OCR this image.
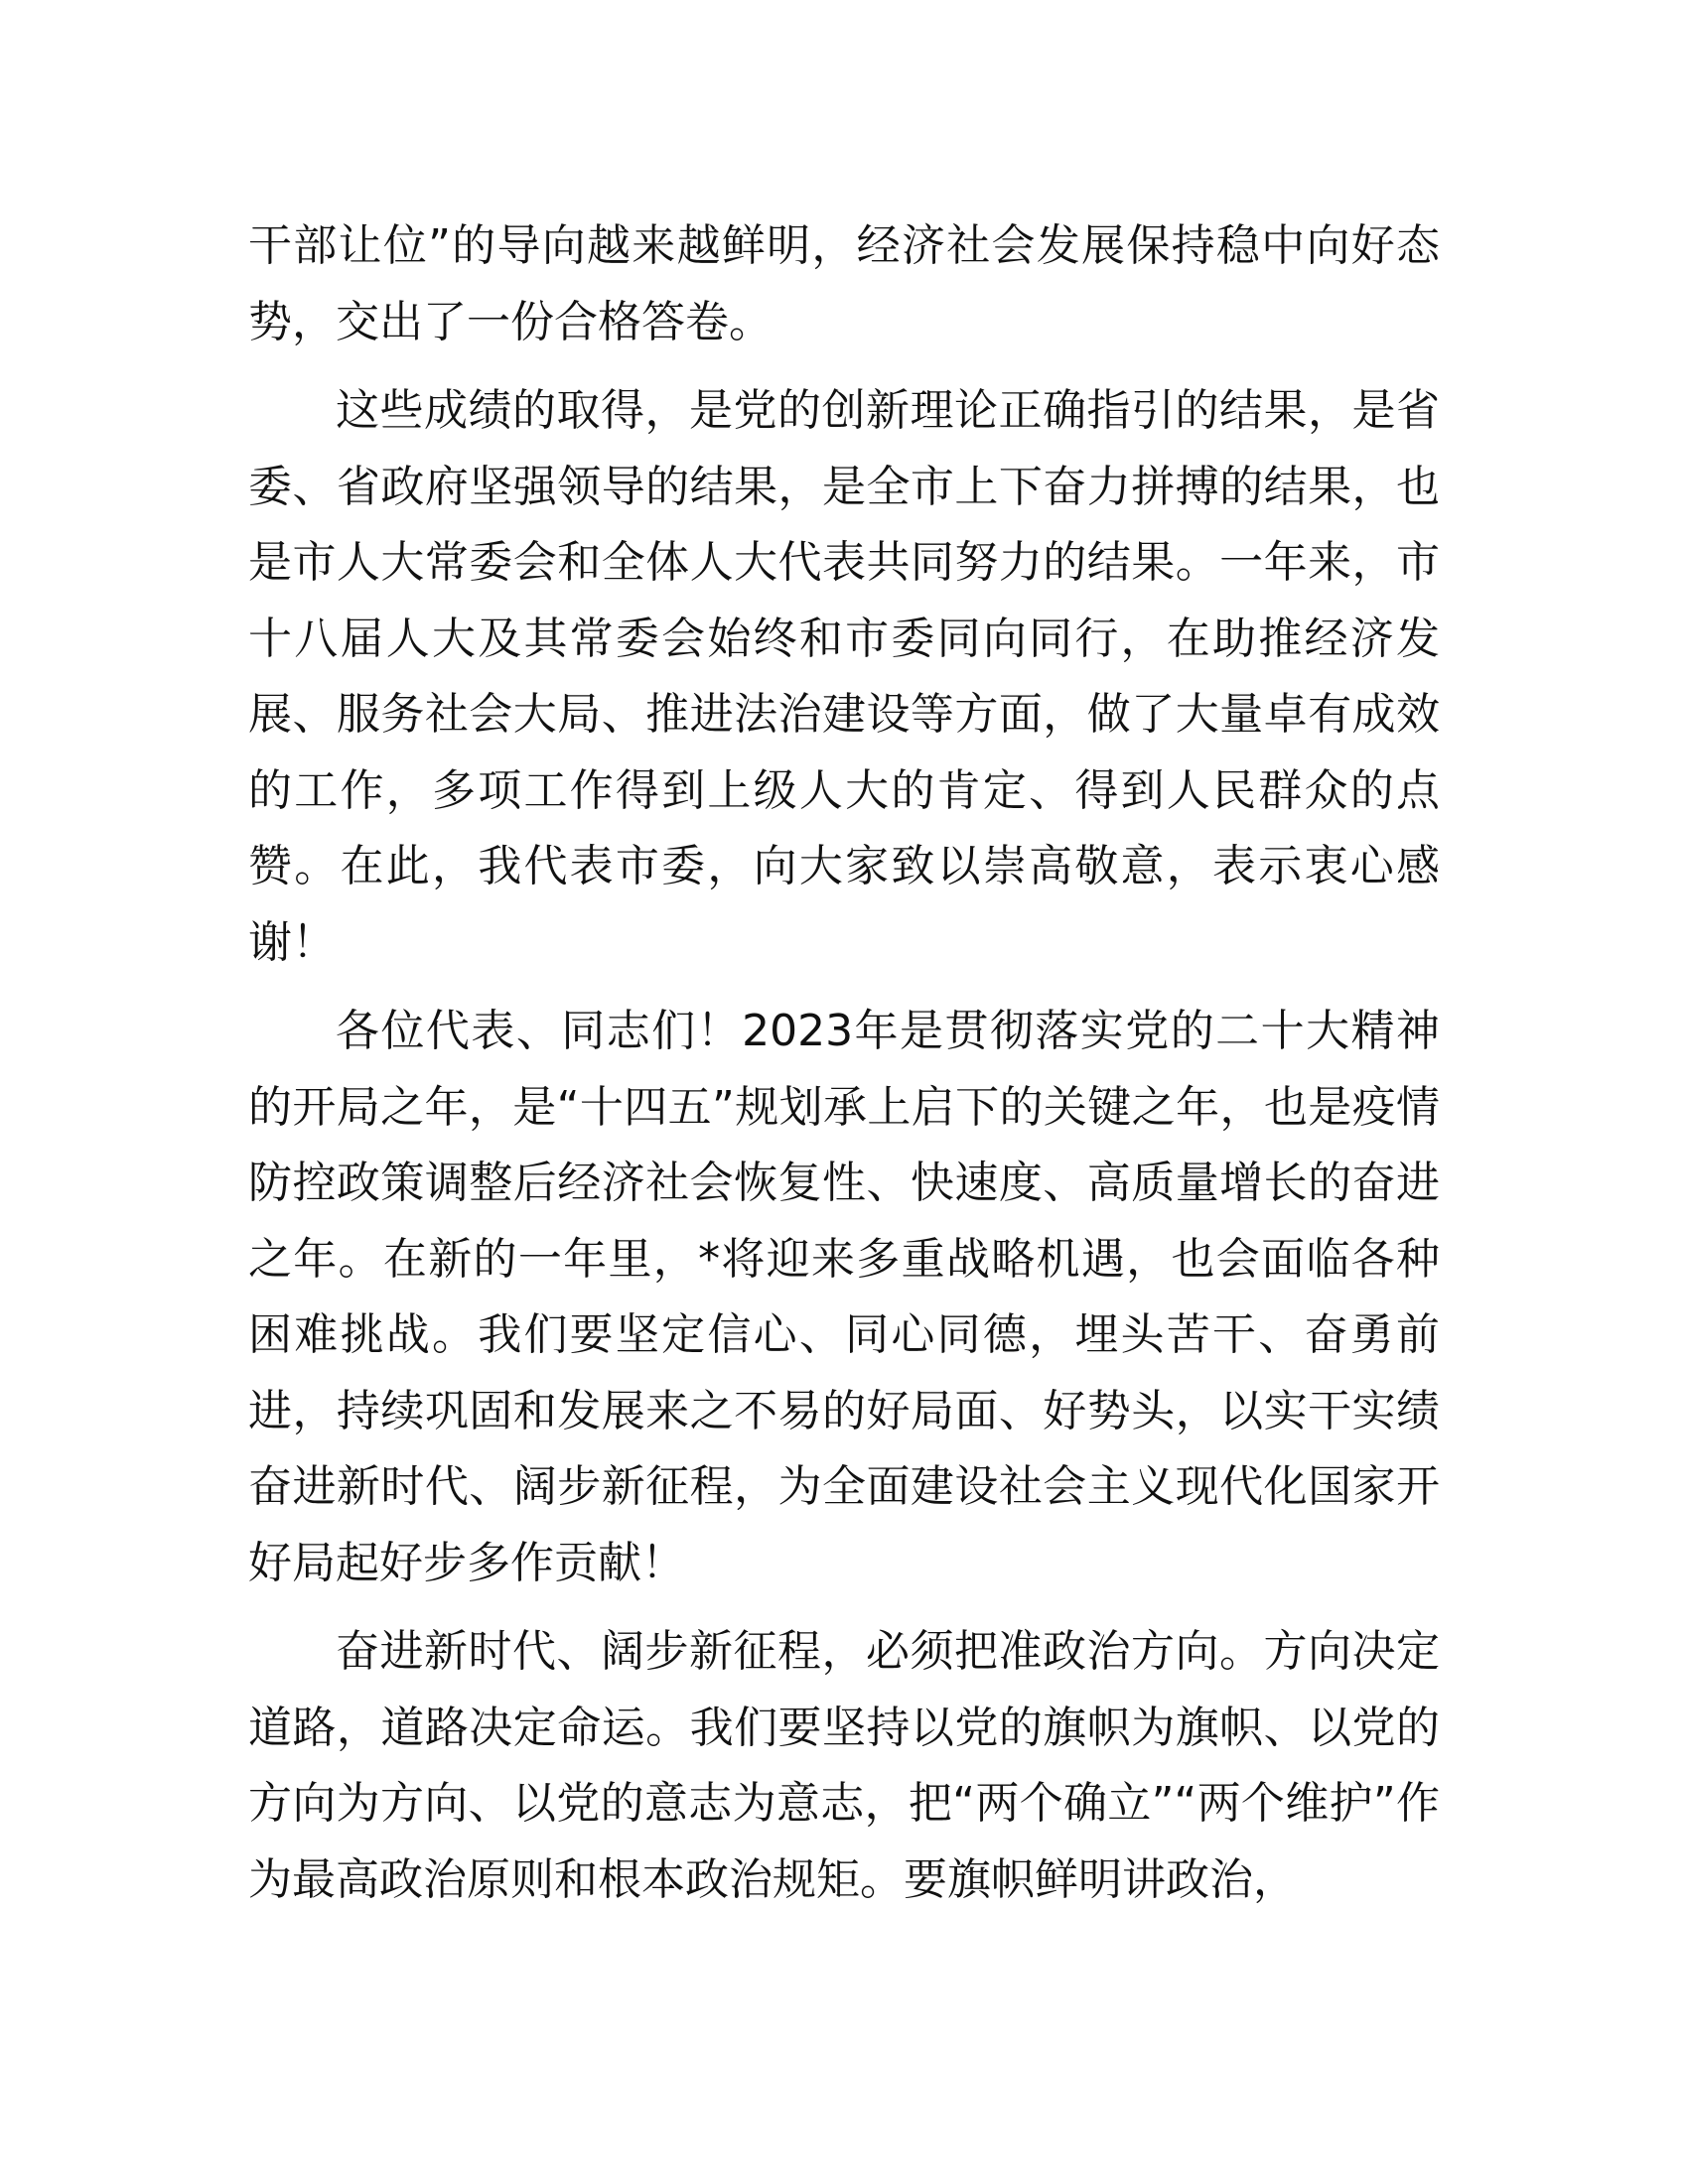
干部让位”的导向越来越鲜明，经济社会发展保持稳中向好态势，交出了一份合格答卷。

这些成绩的取得，是党的创新理论正确指引的结果，是省委、省政府坚强领导的结果，是全市上下奋力拼搏的结果，也是市人大常委会和全体人大代表共同努力的结果。一年来，市十八届人大及其常委会始终和市委同向同行，在助推经济发展、服务社会大局、推进法治建设等方面，做了大量卓有成效的工作，多项工作得到上级人大的肯定、得到人民群众的点赞。在此，我代表市委，向大家致以崇高敬意，表示衷心感谢！

各位代表、同志们！2023年是贯彻落实党的二十大精神的开局之年，是“十四五”规划承上启下的关键之年，也是疫情防控政策调整后经济社会恢复性、快速度、高质量增长的奋进之年。在新的一年里，*将迎来多重战略机遇，也会面临各种困难挑战。我们要坚定信心、同心同德，埋头苦干、奋勇前进，持续巩固和发展来之不易的好局面、好势头，以实干实绩奋进新时代、阔步新征程，为全面建设社会主义现代化国家开好局起好步多作贡献！

奋进新时代、阔步新征程，必须把准政治方向。方向决定道路，道路决定命运。我们要坚持以党的旗帜为旗帜、以党的方向为方向、以党的意志为意志，把“两个确立”“两个维护”作为最高政治原则和根本政治规矩。要旗帜鲜明讲政治，
